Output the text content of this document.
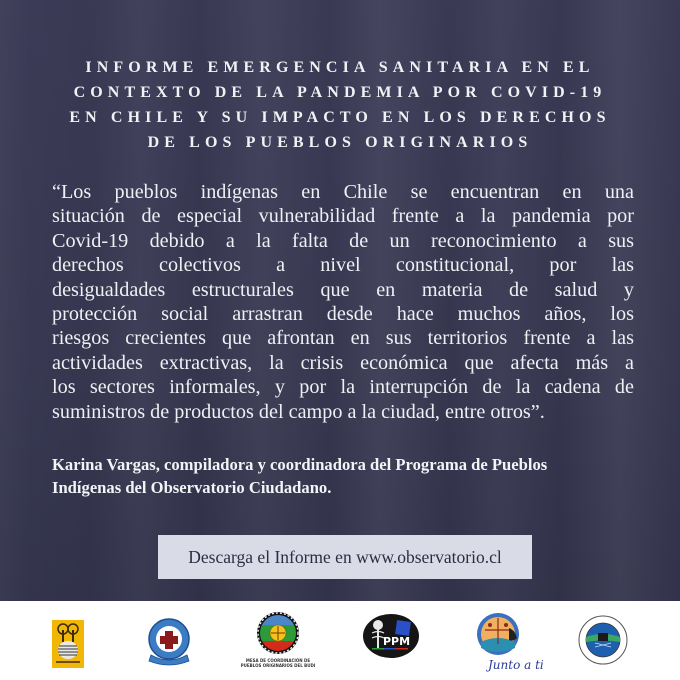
INFORME EMERGENCIA SANITARIA EN EL
CONTEXTO DE LA PANDEMIA POR COVID-19
EN CHILE Y SU IMPACTO EN LOS DERECHOS
DE LOS PUEBLOS ORIGINARIOS
“Los pueblos indígenas en Chile se encuentran en una
situación de especial vulnerabilidad frente a la pandemia por
Covid-19 debido a la falta de un reconocimiento a sus
derechos colectivos a nivel constitucional, por las
desigualdades estructurales que en materia de salud y
protección social arrastran desde hace muchos años, los
riesgos crecientes que afrontan en sus territorios frente a las
actividades extractivas, la crisis económica que afecta más a
los sectores informales, y por la interrupción de la cadena de
suministros de productos del campo a la ciudad, entre otros”.
Karina Vargas, compiladora y coordinadora del Programa de Pueblos
Indígenas del Observatorio Ciudadano.
Descarga el Informe en www.observatorio.cl
MESA DE COORDINACIÓN DE
PUEBLOS ORIGINARIOS DEL BUDI
PPM
Junto a ti
